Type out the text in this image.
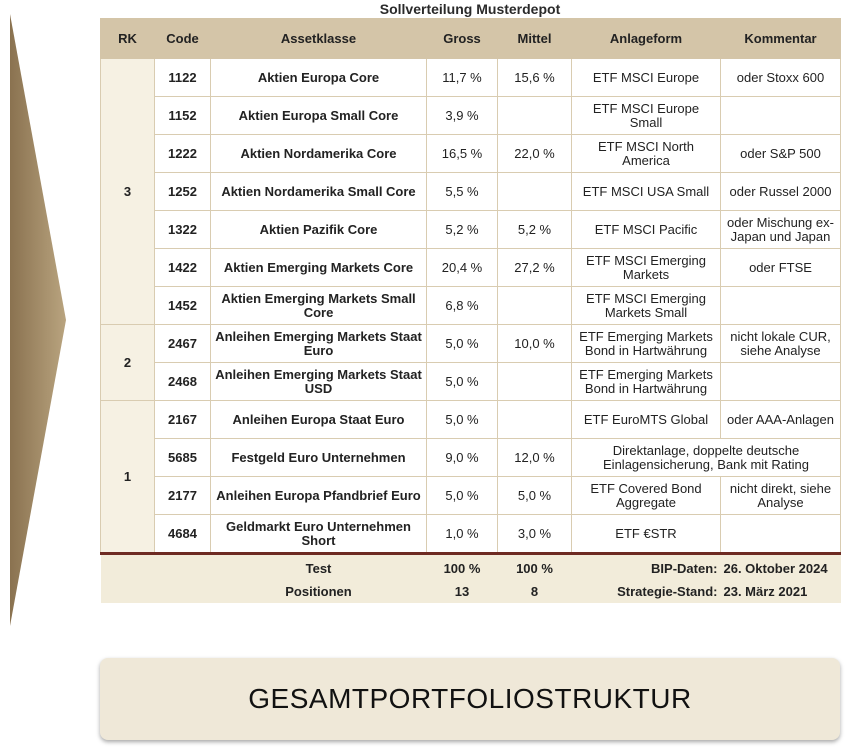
Sollverteilung Musterdepot
RK	Code	Assetklasse	Gross	Mittel	Anlageform	Kommentar
3	1122	Aktien Europa Core	11,7 %	15,6 %	ETF MSCI Europe	oder Stoxx 600
	1152	Aktien Europa Small Core	3,9 %		ETF MSCI Europe Small	
	1222	Aktien Nordamerika Core	16,5 %	22,0 %	ETF MSCI North America	oder S&P 500
	1252	Aktien Nordamerika Small Core	5,5 %		ETF MSCI USA Small	oder Russel 2000
	1322	Aktien Pazifik Core	5,2 %	5,2 %	ETF MSCI Pacific	oder Mischung ex-Japan und Japan
	1422	Aktien Emerging Markets Core	20,4 %	27,2 %	ETF MSCI Emerging Markets	oder FTSE
	1452	Aktien Emerging Markets Small Core	6,8 %		ETF MSCI Emerging Markets Small	
2	2467	Anleihen Emerging Markets Staat Euro	5,0 %	10,0 %	ETF Emerging Markets Bond in Hartwährung	nicht lokale CUR, siehe Analyse
	2468	Anleihen Emerging Markets Staat USD	5,0 %		ETF Emerging Markets Bond in Hartwährung	
1	2167	Anleihen Europa Staat Euro	5,0 %		ETF EuroMTS Global	oder AAA-Anlagen
	5685	Festgeld Euro Unternehmen	9,0 %	12,0 %	Direktanlage, doppelte deutsche Einlagensicherung, Bank mit Rating	
	2177	Anleihen Europa Pfandbrief Euro	5,0 %	5,0 %	ETF Covered Bond Aggregate	nicht direkt, siehe Analyse
	4684	Geldmarkt Euro Unternehmen Short	1,0 %	3,0 %	ETF €STR	
		Test	100 %	100 %	BIP-Daten:	26. Oktober 2024
		Positionen	13	8	Strategie-Stand:	23. März 2021
GESAMTPORTFOLIOSTRUKTUR
